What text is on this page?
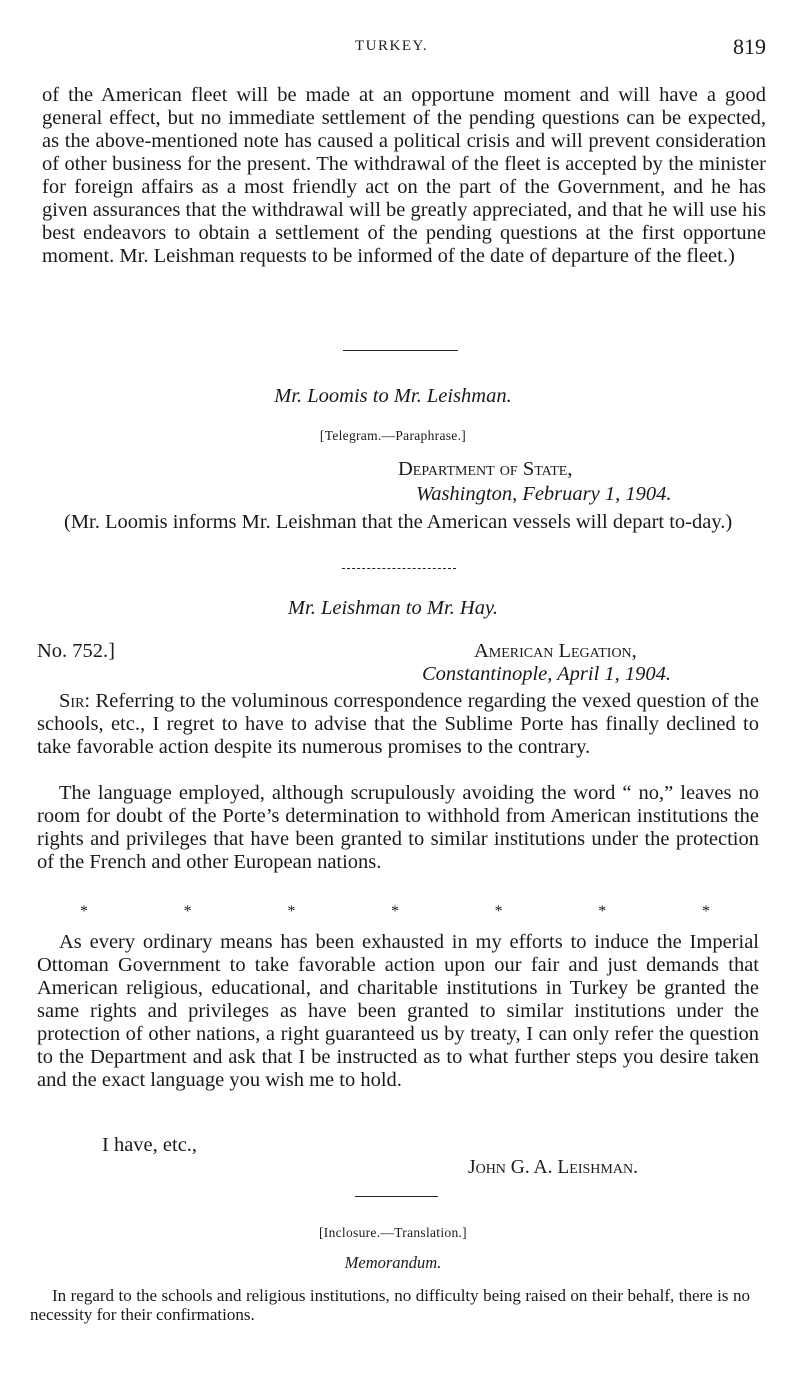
TURKEY.	819
of the American fleet will be made at an opportune moment and will have a good general effect, but no immediate settlement of the pending questions can be expected, as the above-mentioned note has caused a political crisis and will prevent consideration of other business for the present. The withdrawal of the fleet is accepted by the minister for foreign affairs as a most friendly act on the part of the Government, and he has given assurances that the withdrawal will be greatly appreciated, and that he will use his best endeavors to obtain a settlement of the pending questions at the first opportune moment. Mr. Leishman requests to be informed of the date of departure of the fleet.)
Mr. Loomis to Mr. Leishman.
[Telegram.—Paraphrase.]
Department of State,
Washington, February 1, 1904.
(Mr. Loomis informs Mr. Leishman that the American vessels will depart to-day.)
Mr. Leishman to Mr. Hay.
No. 752.]	American Legation,
Constantinople, April 1, 1904.
Sir: Referring to the voluminous correspondence regarding the vexed question of the schools, etc., I regret to have to advise that the Sublime Porte has finally declined to take favorable action despite its numerous promises to the contrary.
The language employed, although scrupulously avoiding the word “ no,” leaves no room for doubt of the Porte’s determination to withhold from American institutions the rights and privileges that have been granted to similar institutions under the protection of the French and other European nations.
*	*	*	*	*	*	*
As every ordinary means has been exhausted in my efforts to induce the Imperial Ottoman Government to take favorable action upon our fair and just demands that American religious, educational, and charitable institutions in Turkey be granted the same rights and privileges as have been granted to similar institutions under the protection of other nations, a right guaranteed us by treaty, I can only refer the question to the Department and ask that I be instructed as to what further steps you desire taken and the exact language you wish me to hold.
I have, etc.,
John G. A. Leishman.
[Inclosure.—Translation.]
Memorandum.
In regard to the schools and religious institutions, no difficulty being raised on their behalf, there is no necessity for their confirmations.
